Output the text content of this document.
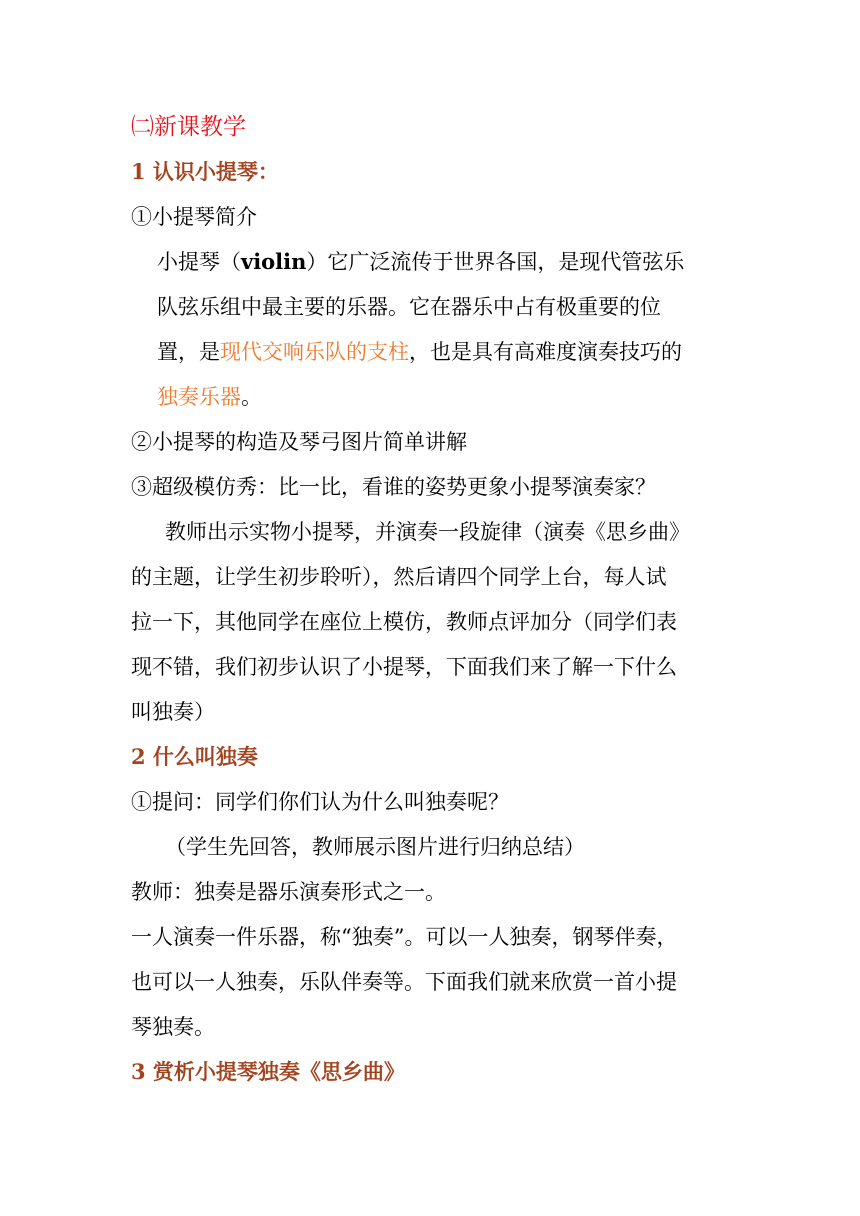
㈡新课教学
1 认识小提琴：
①小提琴简介
小提琴（violin）它广泛流传于世界各国，是现代管弦乐
队弦乐组中最主要的乐器。它在器乐中占有极重要的位
置，是现代交响乐队的支柱，也是具有高难度演奏技巧的
独奏乐器。
②小提琴的构造及琴弓图片简单讲解
③超级模仿秀：比一比，看谁的姿势更象小提琴演奏家？
教师出示实物小提琴，并演奏一段旋律（演奏《思乡曲》
的主题，让学生初步聆听），然后请四个同学上台，每人试
拉一下，其他同学在座位上模仿，教师点评加分（同学们表
现不错，我们初步认识了小提琴，下面我们来了解一下什么
叫独奏）
2 什么叫独奏
①提问：同学们你们认为什么叫独奏呢？
（学生先回答，教师展示图片进行归纳总结）
教师：独奏是器乐演奏形式之一。
一人演奏一件乐器，称“独奏”。可以一人独奏，钢琴伴奏，
也可以一人独奏，乐队伴奏等。下面我们就来欣赏一首小提
琴独奏。
3 赏析小提琴独奏《思乡曲》
